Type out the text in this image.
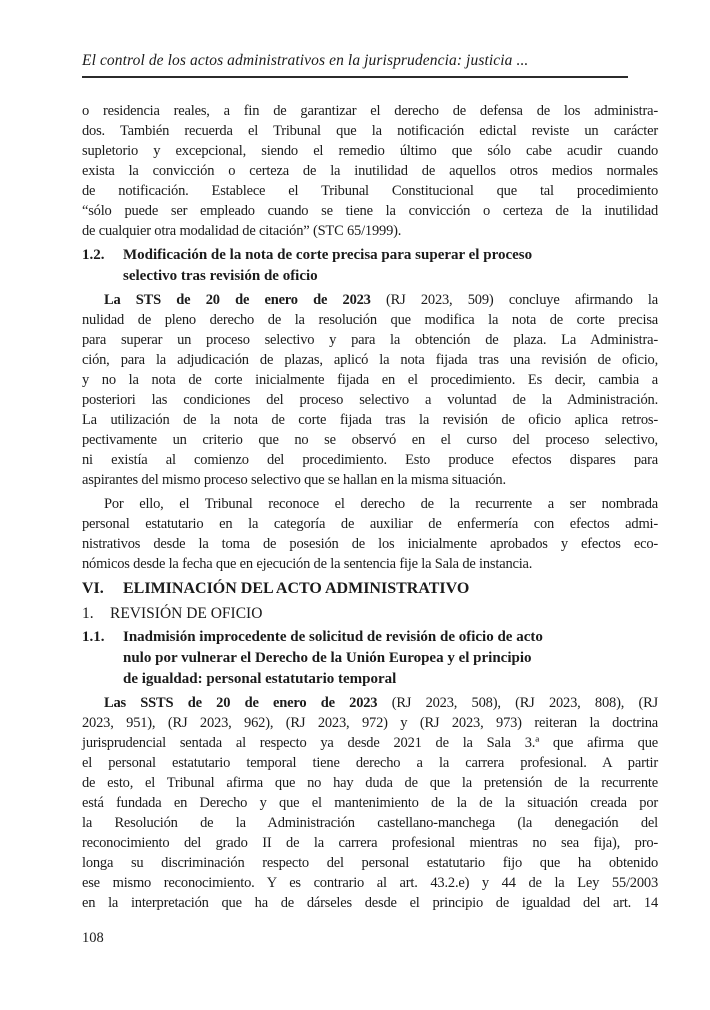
El control de los actos administrativos en la jurisprudencia: justicia ...
o residencia reales, a fin de garantizar el derecho de defensa de los administra-
dos. También recuerda el Tribunal que la notificación edictal reviste un carácter
supletorio y excepcional, siendo el remedio último que sólo cabe acudir cuando
exista la convicción o certeza de la inutilidad de aquellos otros medios normales
de notificación. Establece el Tribunal Constitucional que tal procedimiento
“sólo puede ser empleado cuando se tiene la convicción o certeza de la inutilidad
de cualquier otra modalidad de citación” (STC 65/1999).
1.2.	Modificación de la nota de corte precisa para superar el proceso
selectivo tras revisión de oficio
La STS de 20 de enero de 2023 (RJ 2023, 509) concluye afirmando la
nulidad de pleno derecho de la resolución que modifica la nota de corte precisa
para superar un proceso selectivo y para la obtención de plaza. La Administra-
ción, para la adjudicación de plazas, aplicó la nota fijada tras una revisión de oficio,
y no la nota de corte inicialmente fijada en el procedimiento. Es decir, cambia a
posteriori las condiciones del proceso selectivo a voluntad de la Administración.
La utilización de la nota de corte fijada tras la revisión de oficio aplica retros-
pectivamente un criterio que no se observó en el curso del proceso selectivo,
ni existía al comienzo del procedimiento. Esto produce efectos dispares para
aspirantes del mismo proceso selectivo que se hallan en la misma situación.
Por ello, el Tribunal reconoce el derecho de la recurrente a ser nombrada
personal estatutario en la categoría de auxiliar de enfermería con efectos admi-
nistrativos desde la toma de posesión de los inicialmente aprobados y efectos eco-
nómicos desde la fecha que en ejecución de la sentencia fije la Sala de instancia.
VI.	ELIMINACIÓN DEL ACTO ADMINISTRATIVO
1.	REVISIÓN DE OFICIO
1.1.	Inadmisión improcedente de solicitud de revisión de oficio de acto
nulo por vulnerar el Derecho de la Unión Europea y el principio
de igualdad: personal estatutario temporal
Las SSTS de 20 de enero de 2023 (RJ 2023, 508), (RJ 2023, 808), (RJ
2023, 951), (RJ 2023, 962), (RJ 2023, 972) y (RJ 2023, 973) reiteran la doctrina
jurisprudencial sentada al respecto ya desde 2021 de la Sala 3.ª que afirma que
el personal estatutario temporal tiene derecho a la carrera profesional. A partir
de esto, el Tribunal afirma que no hay duda de que la pretensión de la recurrente
está fundada en Derecho y que el mantenimiento de la de la situación creada por
la Resolución de la Administración castellano-manchega (la denegación del
reconocimiento del grado II de la carrera profesional mientras no sea fija), pro-
longa su discriminación respecto del personal estatutario fijo que ha obtenido
ese mismo reconocimiento. Y es contrario al art. 43.2.e) y 44 de la Ley 55/2003
en la interpretación que ha de dárseles desde el principio de igualdad del art. 14
108
